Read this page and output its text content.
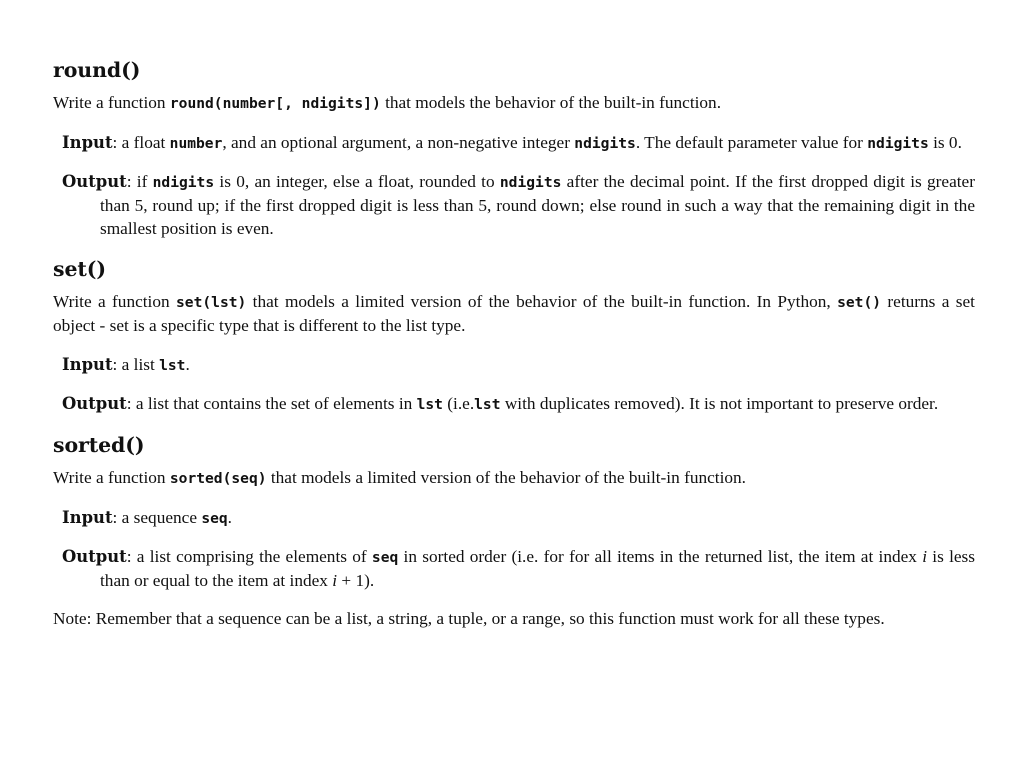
round()

Write a function round(number[, ndigits]) that models the behavior of the built-in function.

Input: a float number, and an optional argument, a non-negative integer ndigits. The default parameter value for ndigits is 0.

Output: if ndigits is 0, an integer, else a float, rounded to ndigits after the decimal point. If the first dropped digit is greater than 5, round up; if the first dropped digit is less than 5, round down; else round in such a way that the remaining digit in the smallest position is even.

set()

Write a function set(lst) that models a limited version of the behavior of the built-in function. In Python, set() returns a set object - set is a specific type that is different to the list type.

Input: a list lst.

Output: a list that contains the set of elements in lst (i.e.lst with duplicates removed). It is not important to preserve order.

sorted()

Write a function sorted(seq) that models a limited version of the behavior of the built-in function.

Input: a sequence seq.

Output: a list comprising the elements of seq in sorted order (i.e. for for all items in the returned list, the item at index i is less than or equal to the item at index i + 1).

Note: Remember that a sequence can be a list, a string, a tuple, or a range, so this function must work for all these types.
